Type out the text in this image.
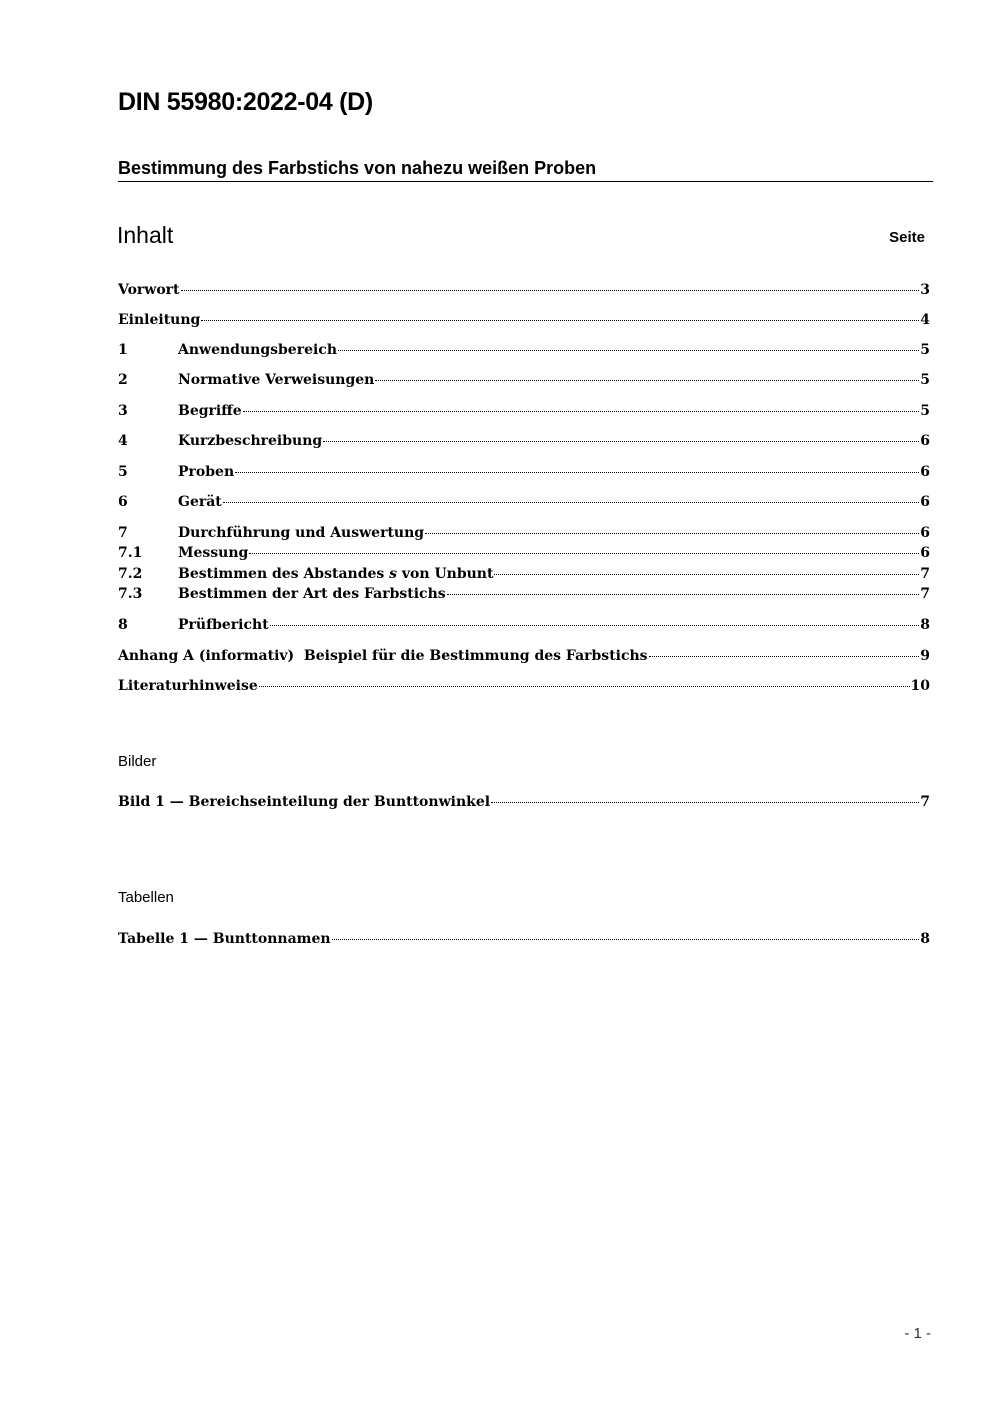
DIN 55980:2022-04 (D)
Bestimmung des Farbstichs von nahezu weißen Proben
Inhalt	Seite
Vorwort	3
Einleitung	4
1	Anwendungsbereich	5
2	Normative Verweisungen	5
3	Begriffe	5
4	Kurzbeschreibung	6
5	Proben	6
6	Gerät	6
7	Durchführung und Auswertung	6
7.1	Messung	6
7.2	Bestimmen des Abstandes s von Unbunt	7
7.3	Bestimmen der Art des Farbstichs	7
8	Prüfbericht	8
Anhang A (informativ)  Beispiel für die Bestimmung des Farbstichs	9
Literaturhinweise	10
Bilder
Bild 1 — Bereichseinteilung der Bunttonwinkel	7
Tabellen
Tabelle 1 — Bunttonnamen	8
- 1 -
